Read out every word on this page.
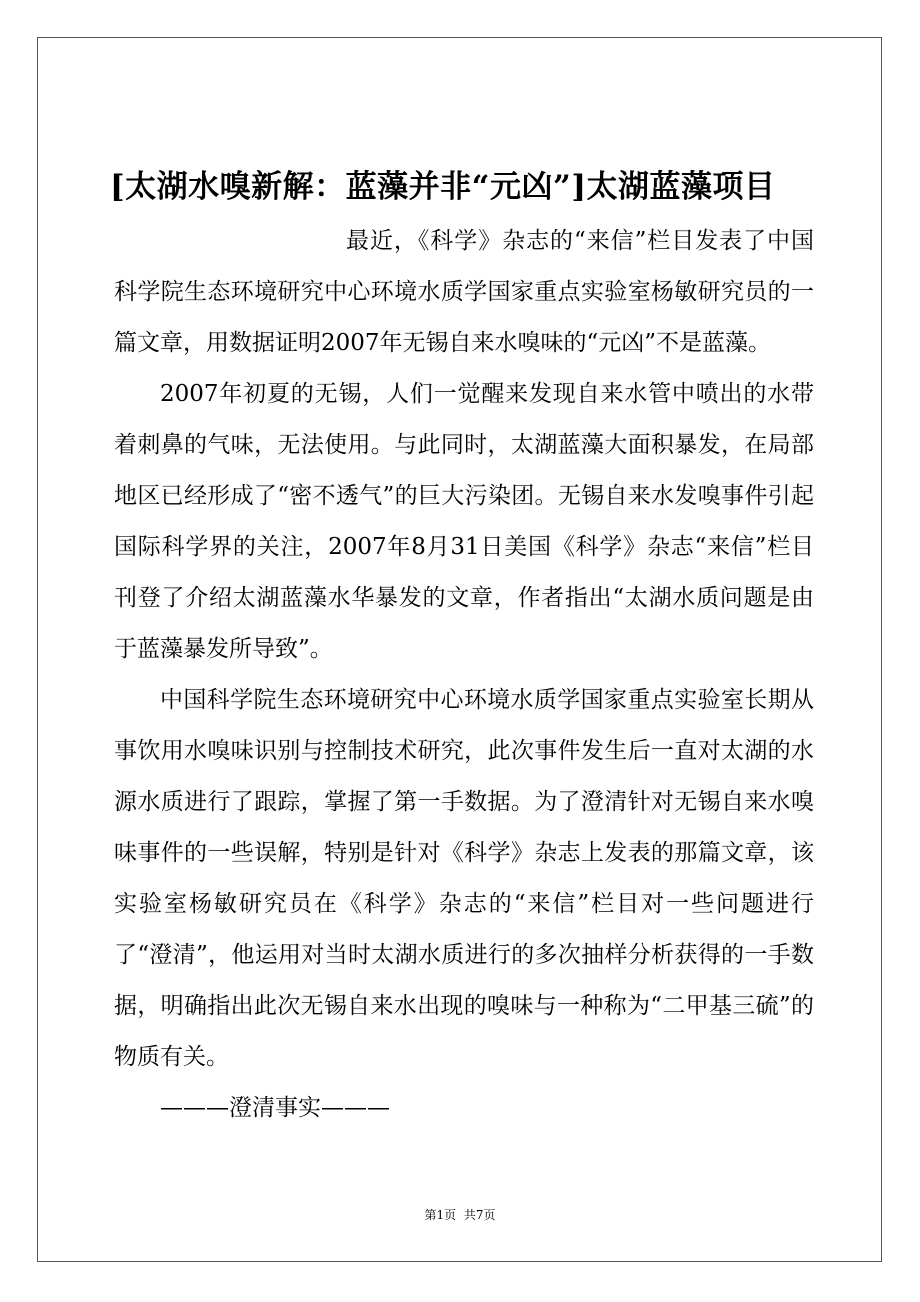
[太湖水嗅新解：蓝藻并非“元凶”]太湖蓝藻项目

最近，《科学》杂志的“来信”栏目发表了中国科学院生态环境研究中心环境水质学国家重点实验室杨敏研究员的一篇文章，用数据证明2007年无锡自来水嗅味的“元凶”不是蓝藻。

2007年初夏的无锡，人们一觉醒来发现自来水管中喷出的水带着刺鼻的气味，无法使用。与此同时，太湖蓝藻大面积暴发，在局部地区已经形成了“密不透气”的巨大污染团。无锡自来水发嗅事件引起国际科学界的关注，2007年8月31日美国《科学》杂志“来信”栏目刊登了介绍太湖蓝藻水华暴发的文章，作者指出“太湖水质问题是由于蓝藻暴发所导致”。

中国科学院生态环境研究中心环境水质学国家重点实验室长期从事饮用水嗅味识别与控制技术研究，此次事件发生后一直对太湖的水源水质进行了跟踪，掌握了第一手数据。为了澄清针对无锡自来水嗅味事件的一些误解，特别是针对《科学》杂志上发表的那篇文章，该实验室杨敏研究员在《科学》杂志的“来信”栏目对一些问题进行了“澄清”，他运用对当时太湖水质进行的多次抽样分析获得的一手数据，明确指出此次无锡自来水出现的嗅味与一种称为“二甲基三硫”的物质有关。

———澄清事实———

第1页 共7页
